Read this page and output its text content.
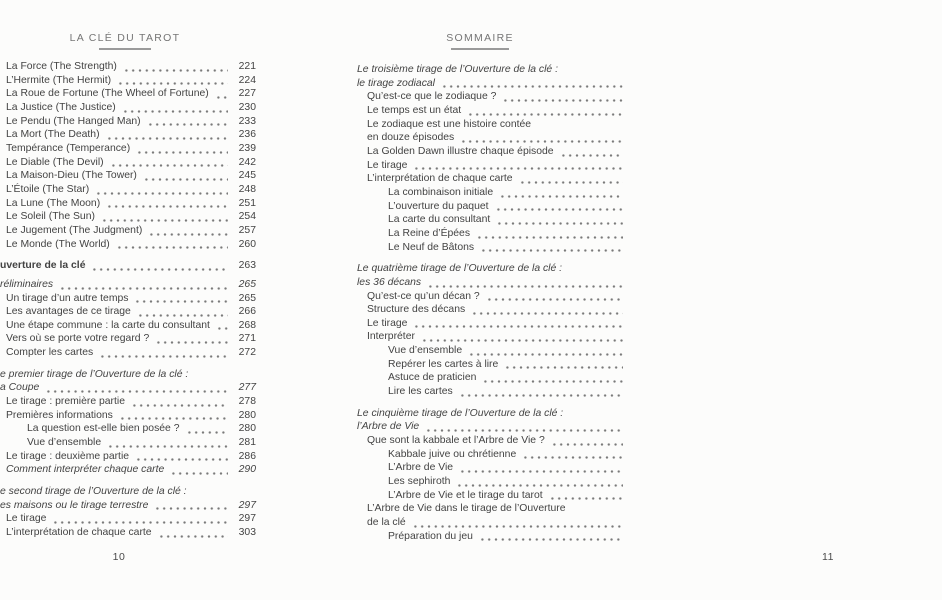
LA CLÉ DU TAROT
La Force (The Strength)	221
L’Hermite (The Hermit)	224
La Roue de Fortune (The Wheel of Fortune)	227
La Justice (The Justice)	230
Le Pendu (The Hanged Man)	233
La Mort (The Death)	236
Tempérance (Temperance)	239
Le Diable (The Devil)	242
La Maison-Dieu (The Tower)	245
L’Étoile (The Star)	248
La Lune (The Moon)	251
Le Soleil (The Sun)	254
Le Jugement (The Judgment)	257
Le Monde (The World)	260
uverture de la clé	263
réliminaires	265
Un tirage d’un autre temps	265
Les avantages de ce tirage	266
Une étape commune : la carte du consultant	268
Vers où se porte votre regard ?	271
Compter les cartes	272
e premier tirage de l’Ouverture de la clé :
a Coupe	277
Le tirage : première partie	278
Premières informations	280
La question est-elle bien posée ?	280
Vue d’ensemble	281
Le tirage : deuxième partie	286
Comment interpréter chaque carte	290
e second tirage de l’Ouverture de la clé :
es maisons ou le tirage terrestre	297
Le tirage	297
L’interprétation de chaque carte	303
10
SOMMAIRE
Le troisième tirage de l’Ouverture de la clé :
le tirage zodiacal
Qu’est-ce que le zodiaque ?
Le temps est un état
Le zodiaque est une histoire contée
en douze épisodes
La Golden Dawn illustre chaque épisode
Le tirage
L’interprétation de chaque carte
La combinaison initiale
L’ouverture du paquet
La carte du consultant
La Reine d’Épées
Le Neuf de Bâtons
Le quatrième tirage de l’Ouverture de la clé :
les 36 décans
Qu’est-ce qu’un décan ?
Structure des décans
Le tirage
Interpréter
Vue d’ensemble
Repérer les cartes à lire
Astuce de praticien
Lire les cartes
Le cinquième tirage de l’Ouverture de la clé :
l’Arbre de Vie
Que sont la kabbale et l’Arbre de Vie ?
Kabbale juive ou chrétienne
L’Arbre de Vie
Les sephiroth
L’Arbre de Vie et le tirage du tarot
L’Arbre de Vie dans le tirage de l’Ouverture
de la clé
Préparation du jeu
11
